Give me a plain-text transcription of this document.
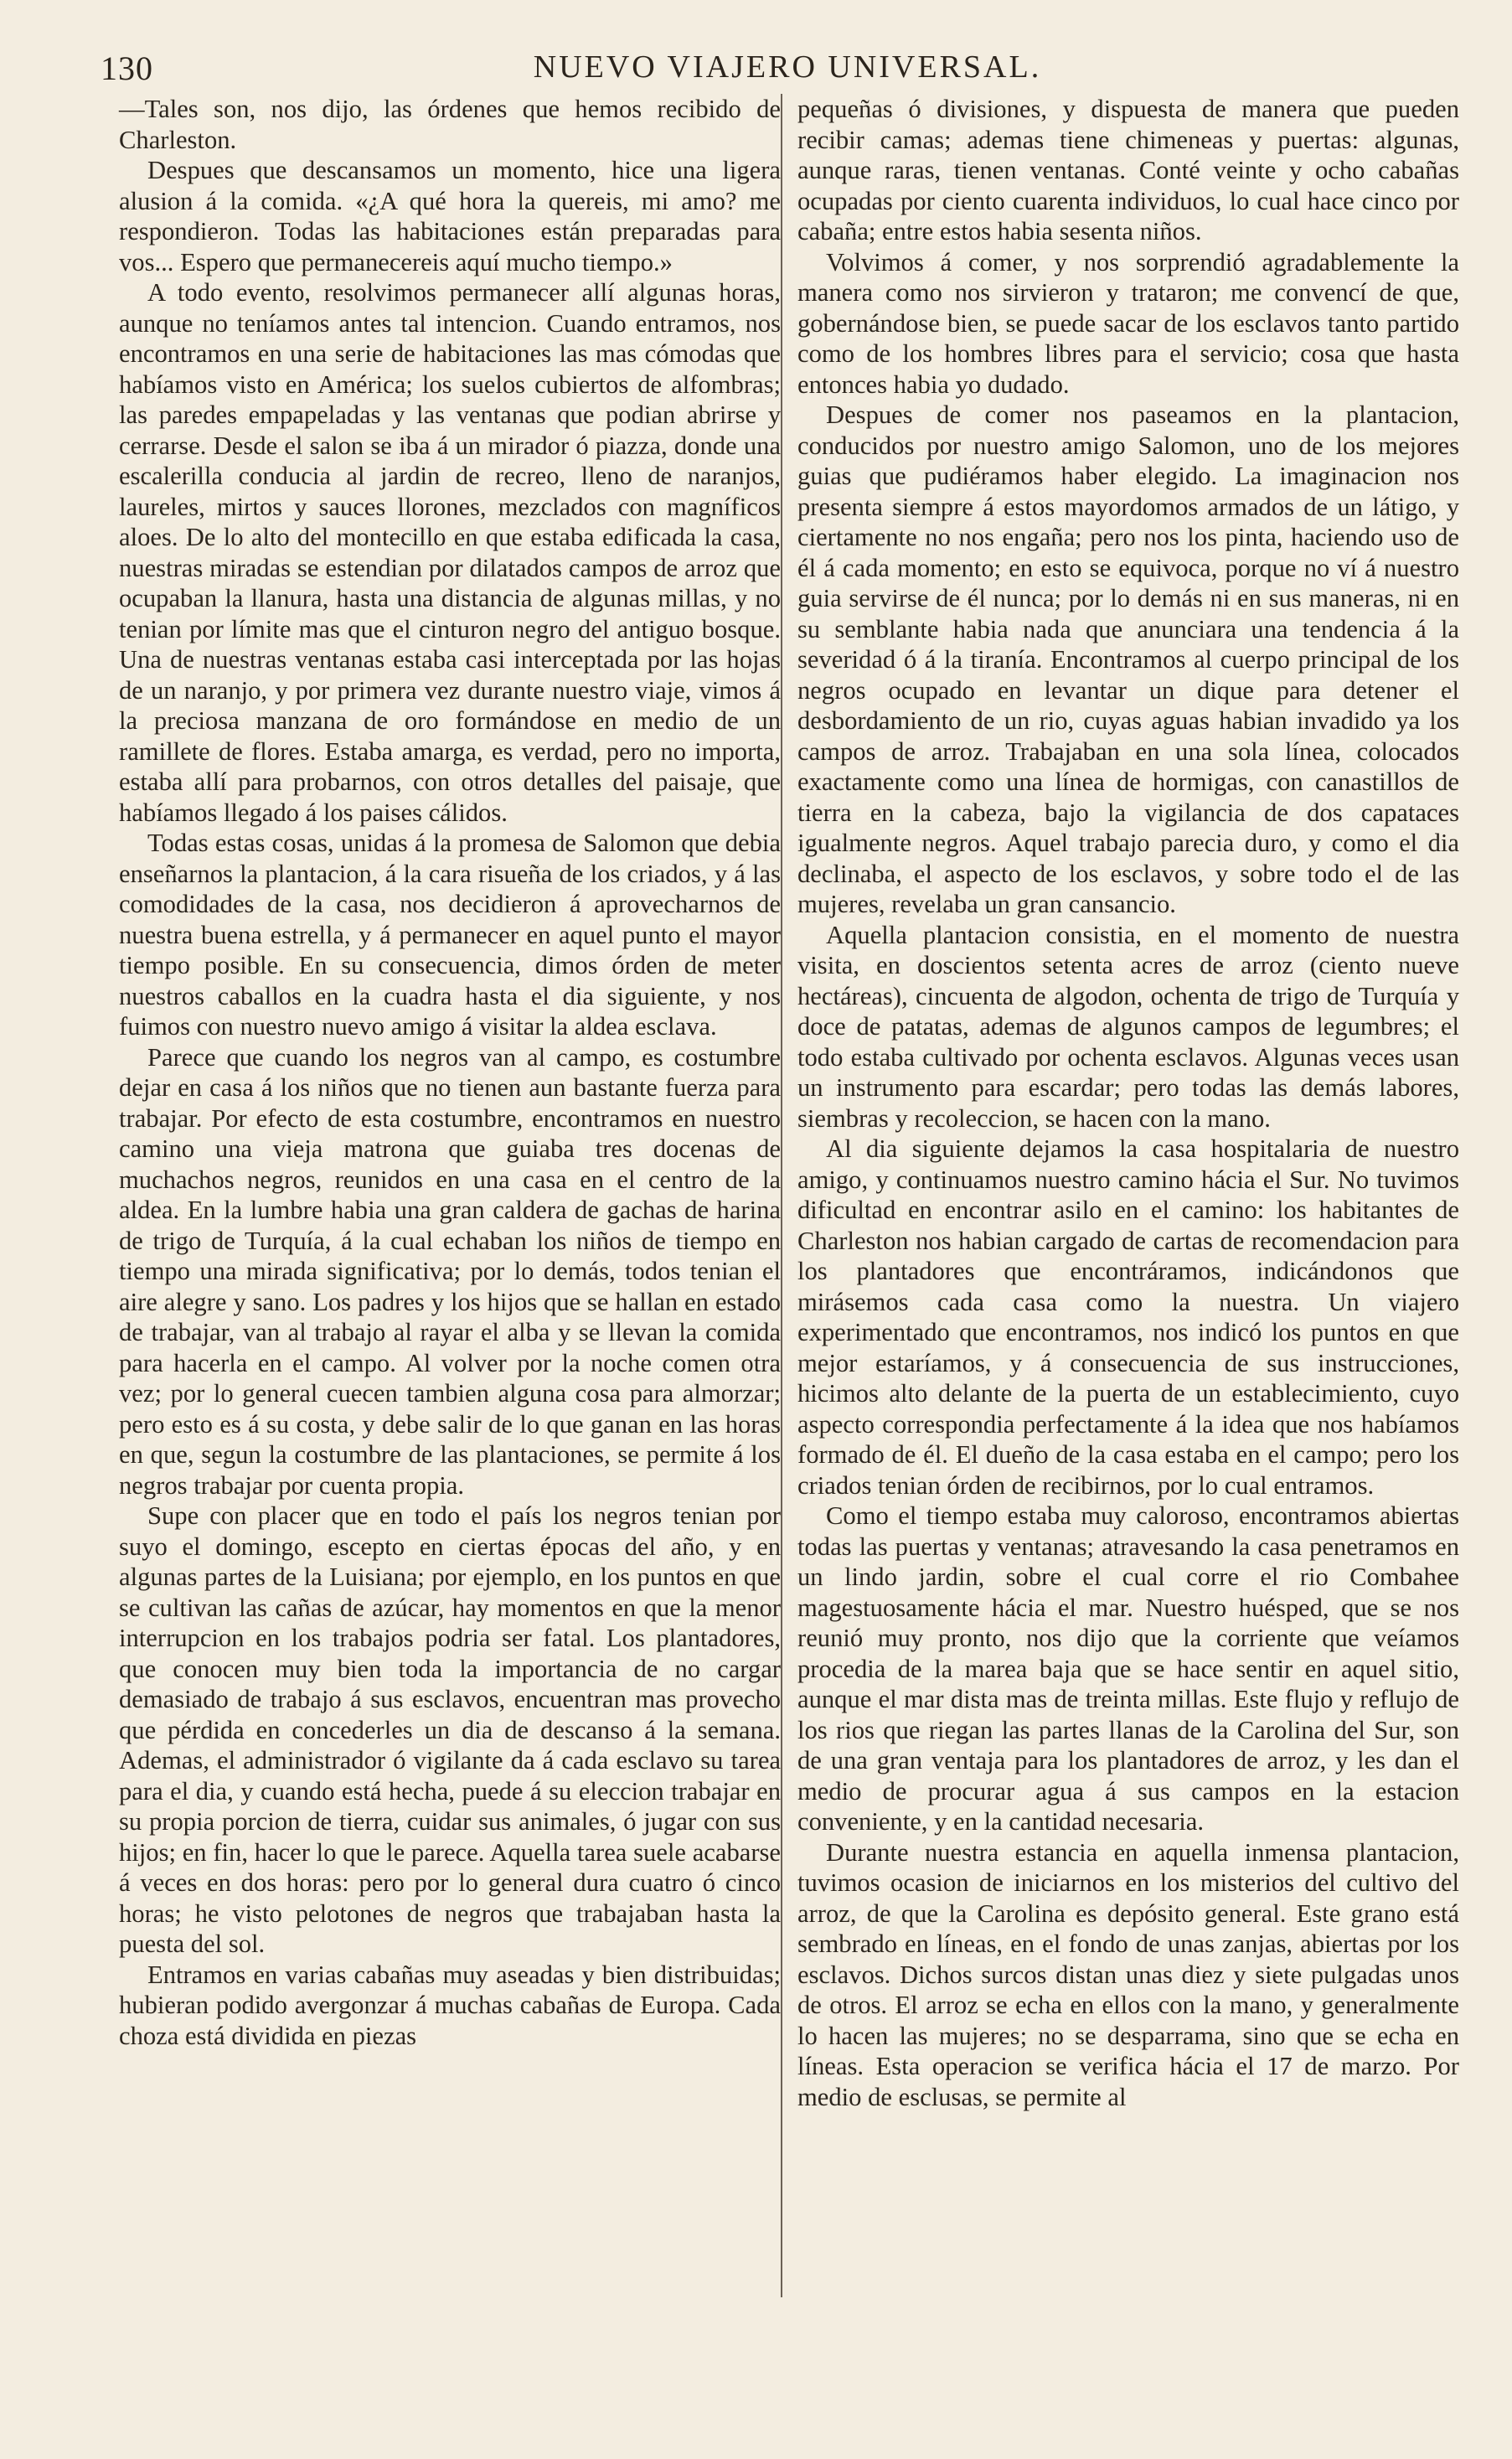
130	NUEVO VIAJERO UNIVERSAL.

—Tales son, nos dijo, las órdenes que hemos recibido de Charleston.

Despues que descansamos un momento, hice una ligera alusion á la comida. «¿A qué hora la quereis, mi amo? me respondieron. Todas las habitaciones están preparadas para vos... Espero que permanecereis aquí mucho tiempo.»

A todo evento, resolvimos permanecer allí algunas horas, aunque no teníamos antes tal intencion. Cuando entramos, nos encontramos en una serie de habitaciones las mas cómodas que habíamos visto en América; los suelos cubiertos de alfombras; las paredes empapeladas y las ventanas que podian abrirse y cerrarse. Desde el salon se iba á un mirador ó piazza, donde una escalerilla conducia al jardin de recreo, lleno de naranjos, laureles, mirtos y sauces llorones, mezclados con magníficos aloes. De lo alto del montecillo en que estaba edificada la casa, nuestras miradas se estendian por dilatados campos de arroz que ocupaban la llanura, hasta una distancia de algunas millas, y no tenian por límite mas que el cinturon negro del antiguo bosque. Una de nuestras ventanas estaba casi interceptada por las hojas de un naranjo, y por primera vez durante nuestro viaje, vimos á la preciosa manzana de oro formándose en medio de un ramillete de flores. Estaba amarga, es verdad, pero no importa, estaba allí para probarnos, con otros detalles del paisaje, que habíamos llegado á los paises cálidos.

Todas estas cosas, unidas á la promesa de Salomon que debia enseñarnos la plantacion, á la cara risueña de los criados, y á las comodidades de la casa, nos decidieron á aprovecharnos de nuestra buena estrella, y á permanecer en aquel punto el mayor tiempo posible. En su consecuencia, dimos órden de meter nuestros caballos en la cuadra hasta el dia siguiente, y nos fuimos con nuestro nuevo amigo á visitar la aldea esclava.

Parece que cuando los negros van al campo, es costumbre dejar en casa á los niños que no tienen aun bastante fuerza para trabajar. Por efecto de esta costumbre, encontramos en nuestro camino una vieja matrona que guiaba tres docenas de muchachos negros, reunidos en una casa en el centro de la aldea. En la lumbre habia una gran caldera de gachas de harina de trigo de Turquía, á la cual echaban los niños de tiempo en tiempo una mirada significativa; por lo demás, todos tenian el aire alegre y sano. Los padres y los hijos que se hallan en estado de trabajar, van al trabajo al rayar el alba y se llevan la comida para hacerla en el campo. Al volver por la noche comen otra vez; por lo general cuecen tambien alguna cosa para almorzar; pero esto es á su costa, y debe salir de lo que ganan en las horas en que, segun la costumbre de las plantaciones, se permite á los negros trabajar por cuenta propia.

Supe con placer que en todo el país los negros tenian por suyo el domingo, escepto en ciertas épocas del año, y en algunas partes de la Luisiana; por ejemplo, en los puntos en que se cultivan las cañas de azúcar, hay momentos en que la menor interrupcion en los trabajos podria ser fatal. Los plantadores, que conocen muy bien toda la importancia de no cargar demasiado de trabajo á sus esclavos, encuentran mas provecho que pérdida en concederles un dia de descanso á la semana. Ademas, el administrador ó vigilante da á cada esclavo su tarea para el dia, y cuando está hecha, puede á su eleccion trabajar en su propia porcion de tierra, cuidar sus animales, ó jugar con sus hijos; en fin, hacer lo que le parece. Aquella tarea suele acabarse á veces en dos horas: pero por lo general dura cuatro ó cinco horas; he visto pelotones de negros que trabajaban hasta la puesta del sol.

Entramos en varias cabañas muy aseadas y bien distribuidas; hubieran podido avergonzar á muchas cabañas de Europa. Cada choza está dividida en piezas

pequeñas ó divisiones, y dispuesta de manera que pueden recibir camas; ademas tiene chimeneas y puertas: algunas, aunque raras, tienen ventanas. Conté veinte y ocho cabañas ocupadas por ciento cuarenta individuos, lo cual hace cinco por cabaña; entre estos habia sesenta niños.

Volvimos á comer, y nos sorprendió agradablemente la manera como nos sirvieron y trataron; me convencí de que, gobernándose bien, se puede sacar de los esclavos tanto partido como de los hombres libres para el servicio; cosa que hasta entonces habia yo dudado.

Despues de comer nos paseamos en la plantacion, conducidos por nuestro amigo Salomon, uno de los mejores guias que pudiéramos haber elegido. La imaginacion nos presenta siempre á estos mayordomos armados de un látigo, y ciertamente no nos engaña; pero nos los pinta, haciendo uso de él á cada momento; en esto se equivoca, porque no ví á nuestro guia servirse de él nunca; por lo demás ni en sus maneras, ni en su semblante habia nada que anunciara una tendencia á la severidad ó á la tiranía. Encontramos al cuerpo principal de los negros ocupado en levantar un dique para detener el desbordamiento de un rio, cuyas aguas habian invadido ya los campos de arroz. Trabajaban en una sola línea, colocados exactamente como una línea de hormigas, con canastillos de tierra en la cabeza, bajo la vigilancia de dos capataces igualmente negros. Aquel trabajo parecia duro, y como el dia declinaba, el aspecto de los esclavos, y sobre todo el de las mujeres, revelaba un gran cansancio.

Aquella plantacion consistia, en el momento de nuestra visita, en doscientos setenta acres de arroz (ciento nueve hectáreas), cincuenta de algodon, ochenta de trigo de Turquía y doce de patatas, ademas de algunos campos de legumbres; el todo estaba cultivado por ochenta esclavos. Algunas veces usan un instrumento para escardar; pero todas las demás labores, siembras y recoleccion, se hacen con la mano.

Al dia siguiente dejamos la casa hospitalaria de nuestro amigo, y continuamos nuestro camino hácia el Sur. No tuvimos dificultad en encontrar asilo en el camino: los habitantes de Charleston nos habian cargado de cartas de recomendacion para los plantadores que encontráramos, indicándonos que mirásemos cada casa como la nuestra. Un viajero experimentado que encontramos, nos indicó los puntos en que mejor estaríamos, y á consecuencia de sus instrucciones, hicimos alto delante de la puerta de un establecimiento, cuyo aspecto correspondia perfectamente á la idea que nos habíamos formado de él. El dueño de la casa estaba en el campo; pero los criados tenian órden de recibirnos, por lo cual entramos.

Como el tiempo estaba muy caloroso, encontramos abiertas todas las puertas y ventanas; atravesando la casa penetramos en un lindo jardin, sobre el cual corre el rio Combahee magestuosamente hácia el mar. Nuestro huésped, que se nos reunió muy pronto, nos dijo que la corriente que veíamos procedia de la marea baja que se hace sentir en aquel sitio, aunque el mar dista mas de treinta millas. Este flujo y reflujo de los rios que riegan las partes llanas de la Carolina del Sur, son de una gran ventaja para los plantadores de arroz, y les dan el medio de procurar agua á sus campos en la estacion conveniente, y en la cantidad necesaria.

Durante nuestra estancia en aquella inmensa plantacion, tuvimos ocasion de iniciarnos en los misterios del cultivo del arroz, de que la Carolina es depósito general. Este grano está sembrado en líneas, en el fondo de unas zanjas, abiertas por los esclavos. Dichos surcos distan unas diez y siete pulgadas unos de otros. El arroz se echa en ellos con la mano, y generalmente lo hacen las mujeres; no se desparrama, sino que se echa en líneas. Esta operacion se verifica hácia el 17 de marzo. Por medio de esclusas, se permite al
